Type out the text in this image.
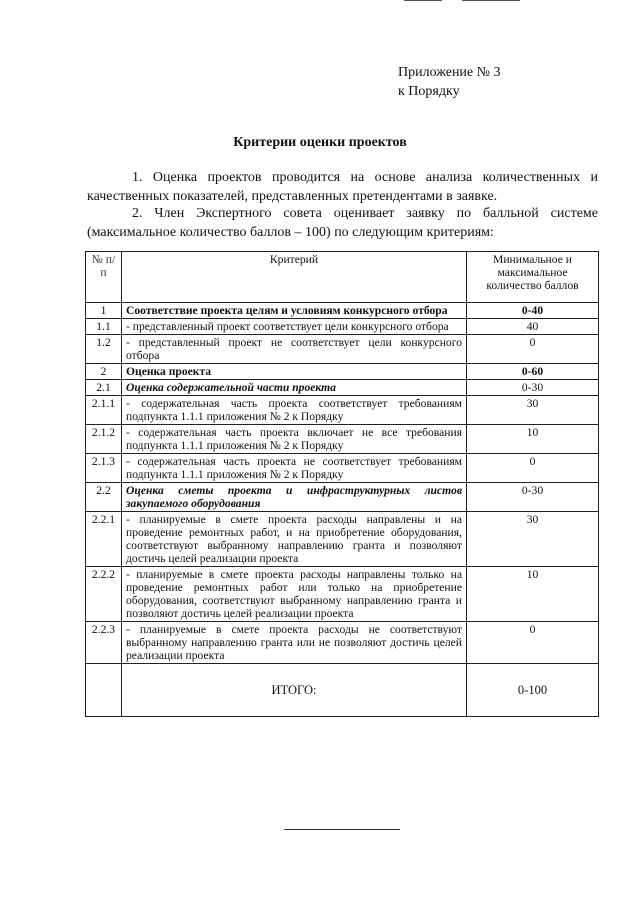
Приложение № 3
к Порядку
Критерии оценки проектов
1. Оценка проектов проводится на основе анализа количественных и качественных показателей, представленных претендентами в заявке.
2. Член Экспертного совета оценивает заявку по балльной системе (максимальное количество баллов – 100) по следующим критериям:
№ п/п	Критерий	Минимальное и максимальное количество баллов
1	Соответствие проекта целям и условиям конкурсного отбора	0-40
1.1	- представленный проект соответствует цели конкурсного отбора	40
1.2	- представленный проект не соответствует цели конкурсного отбора	0
2	Оценка проекта	0-60
2.1	Оценка содержательной части проекта	0-30
2.1.1	- содержательная часть проекта соответствует требованиям подпункта 1.1.1 приложения № 2 к Порядку	30
2.1.2	- содержательная часть проекта включает не все требования подпункта 1.1.1 приложения № 2 к Порядку	10
2.1.3	- содержательная часть проекта не соответствует требованиям подпункта 1.1.1 приложения № 2 к Порядку	0
2.2	Оценка сметы проекта и инфраструктурных листов закупаемого оборудования	0-30
2.2.1	- планируемые в смете проекта расходы направлены и на проведение ремонтных работ, и на приобретение оборудования, соответствуют выбранному направлению гранта и позволяют достичь целей реализации проекта	30
2.2.2	- планируемые в смете проекта расходы направлены только на проведение ремонтных работ или только на приобретение оборудования, соответствуют выбранному направлению гранта и позволяют достичь целей реализации проекта	10
2.2.3	- планируемые в смете проекта расходы не соответствуют выбранному направлению гранта или не позволяют достичь целей реализации проекта	0
	ИТОГО:	0-100
